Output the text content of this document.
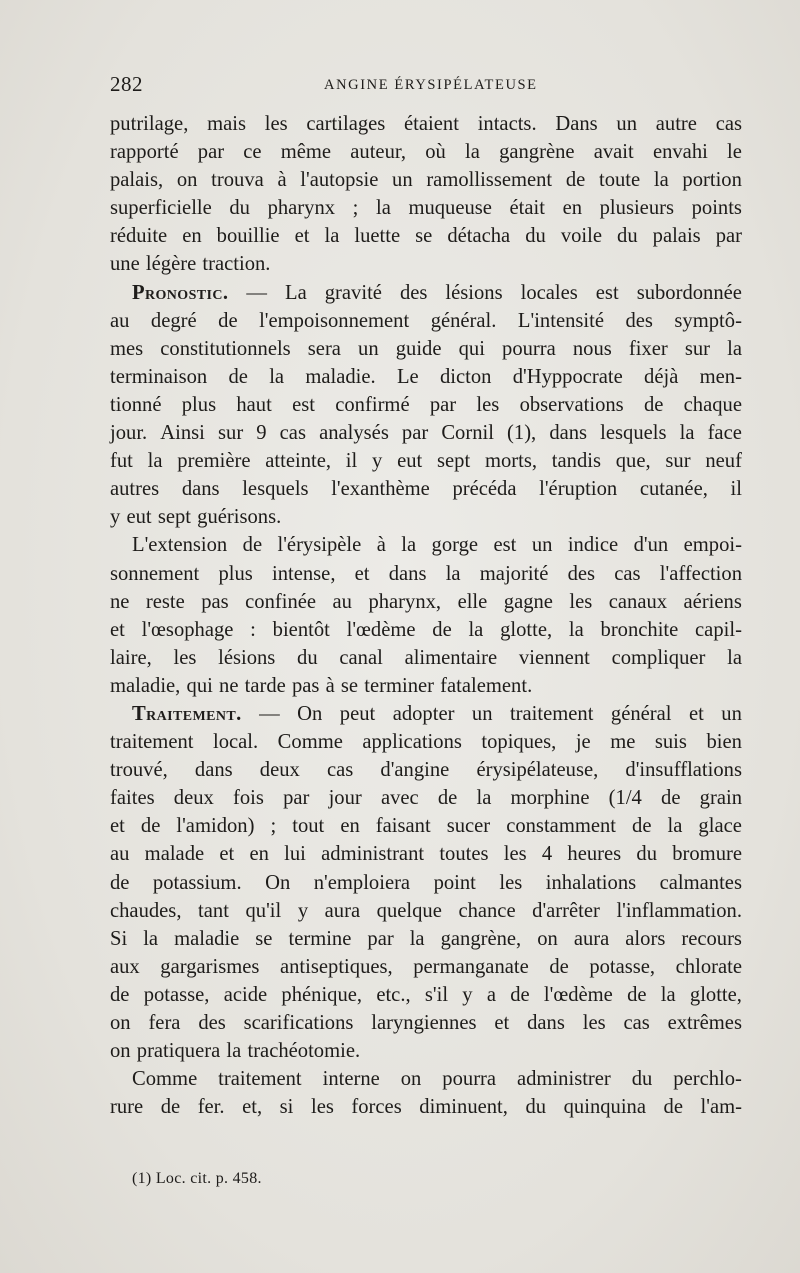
282	ANGINE ÉRYSIPÉLATEUSE
putrilage, mais les cartilages étaient intacts. Dans un autre cas
rapporté par ce même auteur, où la gangrène avait envahi le
palais, on trouva à l'autopsie un ramollissement de toute la portion
superficielle du pharynx ; la muqueuse était en plusieurs points
réduite en bouillie et la luette se détacha du voile du palais par
une légère traction.
Pronostic. — La gravité des lésions locales est subordonnée
au degré de l'empoisonnement général. L'intensité des symptô-
mes constitutionnels sera un guide qui pourra nous fixer sur la
terminaison de la maladie. Le dicton d'Hyppocrate déjà men-
tionné plus haut est confirmé par les observations de chaque
jour. Ainsi sur 9 cas analysés par Cornil (1), dans lesquels la face
fut la première atteinte, il y eut sept morts, tandis que, sur neuf
autres dans lesquels l'exanthème précéda l'éruption cutanée, il
y eut sept guérisons.
L'extension de l'érysipèle à la gorge est un indice d'un empoi-
sonnement plus intense, et dans la majorité des cas l'affection
ne reste pas confinée au pharynx, elle gagne les canaux aériens
et l'œsophage : bientôt l'œdème de la glotte, la bronchite capil-
laire, les lésions du canal alimentaire viennent compliquer la
maladie, qui ne tarde pas à se terminer fatalement.
Traitement. — On peut adopter un traitement général et un
traitement local. Comme applications topiques, je me suis bien
trouvé, dans deux cas d'angine érysipélateuse, d'insufflations
faites deux fois par jour avec de la morphine (1/4 de grain
et de l'amidon) ; tout en faisant sucer constamment de la glace
au malade et en lui administrant toutes les 4 heures du bromure
de potassium. On n'emploiera point les inhalations calmantes
chaudes, tant qu'il y aura quelque chance d'arrêter l'inflammation.
Si la maladie se termine par la gangrène, on aura alors recours
aux gargarismes antiseptiques, permanganate de potasse, chlorate
de potasse, acide phénique, etc., s'il y a de l'œdème de la glotte,
on fera des scarifications laryngiennes et dans les cas extrêmes
on pratiquera la trachéotomie.
Comme traitement interne on pourra administrer du perchlo-
rure de fer. et, si les forces diminuent, du quinquina de l'am-
(1) Loc. cit. p. 458.
